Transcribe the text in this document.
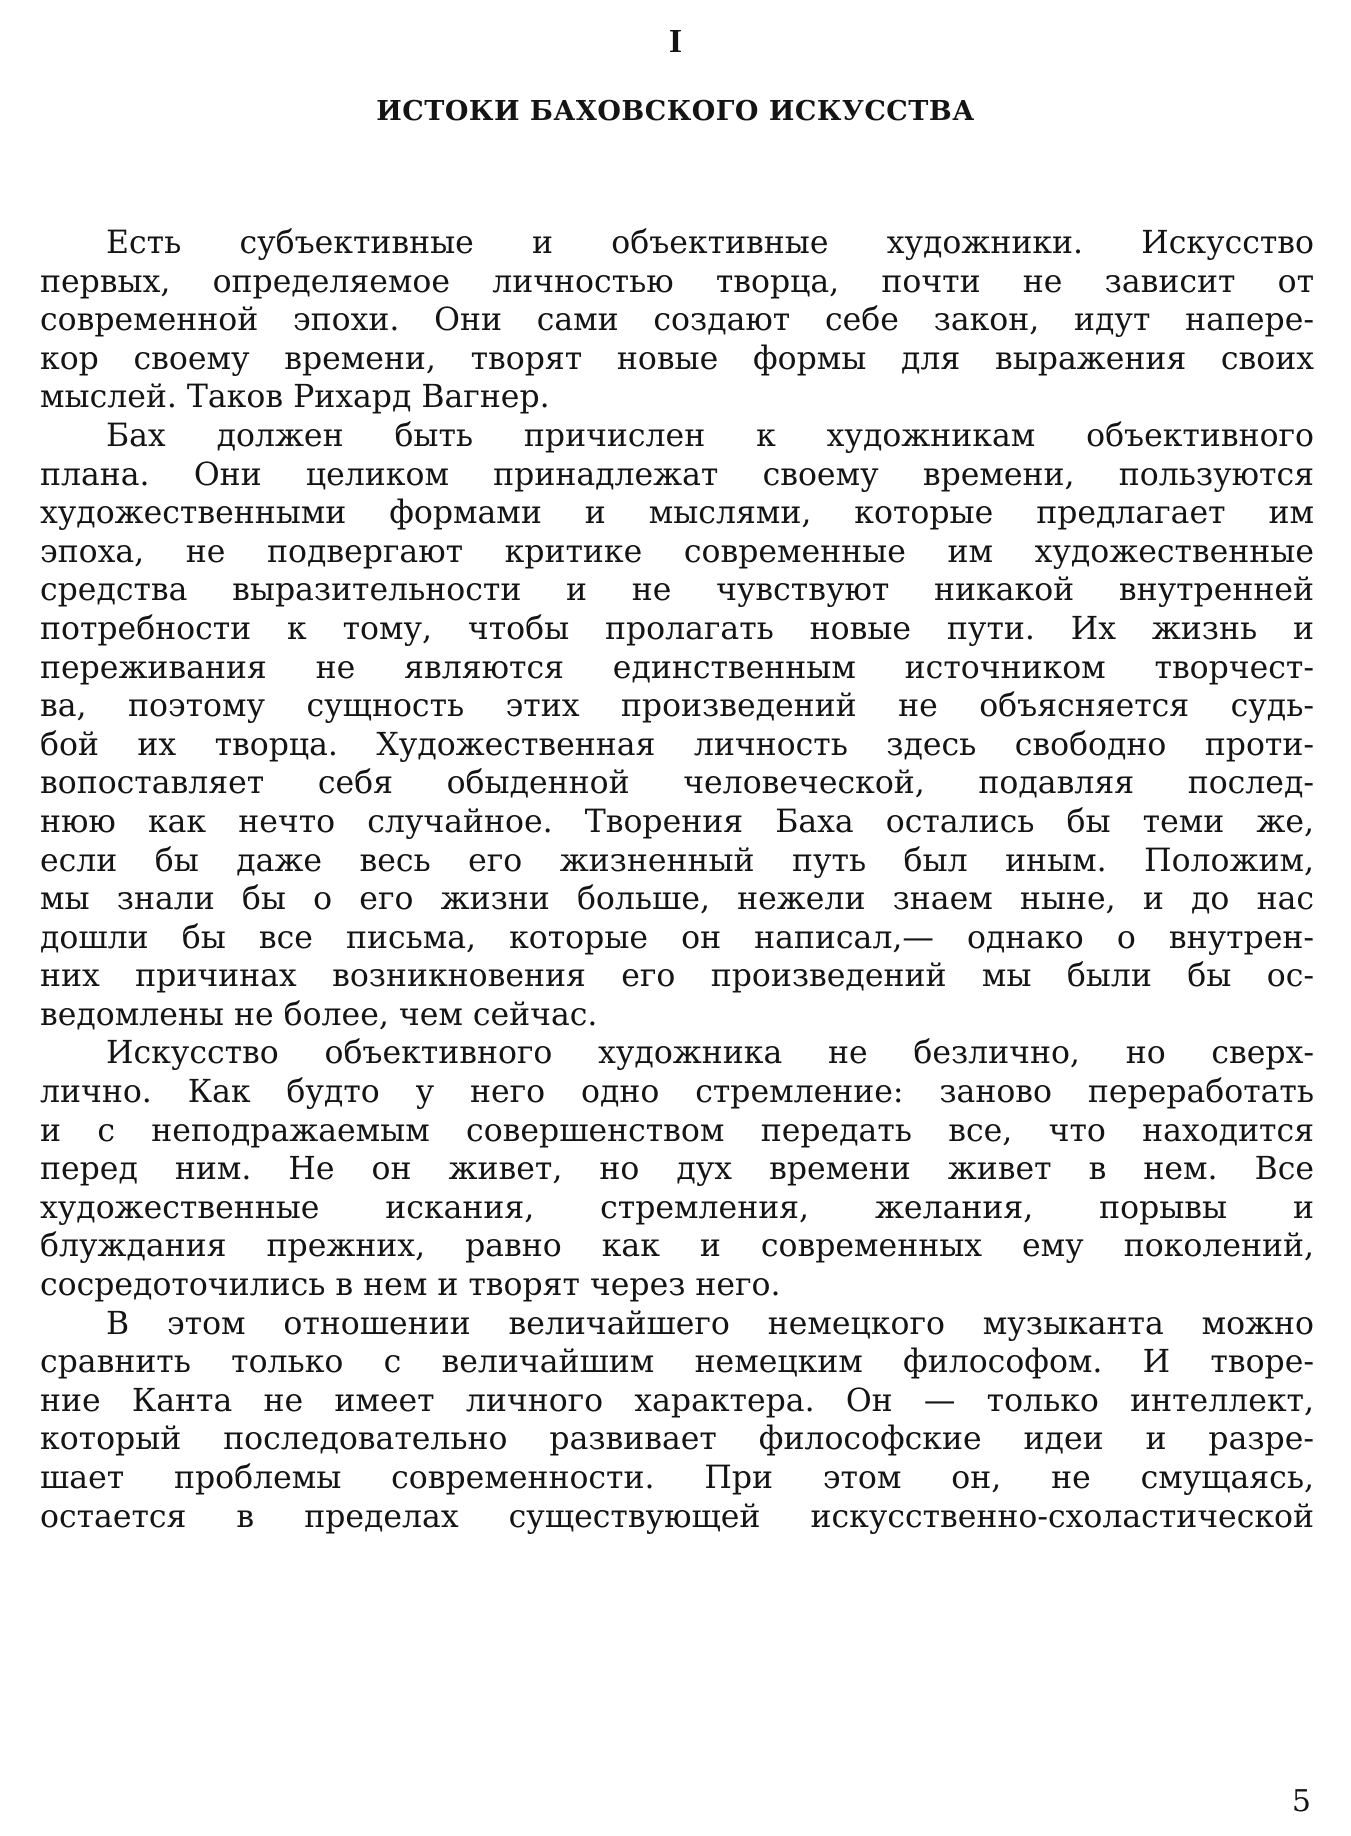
I
ИСТОКИ БАХОВСКОГО ИСКУССТВА

Есть субъективные и объективные художники. Искусство
первых, определяемое личностью творца, почти не зависит от
современной эпохи. Они сами создают себе закон, идут напере-
кор своему времени, творят новые формы для выражения своих
мыслей. Таков Рихард Вагнер.

Бах должен быть причислен к художникам объективного
плана. Они целиком принадлежат своему времени, пользуются
художественными формами и мыслями, которые предлагает им
эпоха, не подвергают критике современные им художественные
средства выразительности и не чувствуют никакой внутренней
потребности к тому, чтобы пролагать новые пути. Их жизнь и
переживания не являются единственным источником творчест-
ва, поэтому сущность этих произведений не объясняется судь-
бой их творца. Художественная личность здесь свободно проти-
вопоставляет себя обыденной человеческой, подавляя послед-
нюю как нечто случайное. Творения Баха остались бы теми же,
если бы даже весь его жизненный путь был иным. Положим,
мы знали бы о его жизни больше, нежели знаем ныне, и до нас
дошли бы все письма, которые он написал,— однако о внутрен-
них причинах возникновения его произведений мы были бы ос-
ведомлены не более, чем сейчас.

Искусство объективного художника не безлично, но сверх-
лично. Как будто у него одно стремление: заново переработать
и с неподражаемым совершенством передать все, что находится
перед ним. Не он живет, но дух времени живет в нем. Все
художественные искания, стремления, желания, порывы и
блуждания прежних, равно как и современных ему поколений,
сосредоточились в нем и творят через него.

В этом отношении величайшего немецкого музыканта можно
сравнить только с величайшим немецким философом. И творе-
ние Канта не имеет личного характера. Он — только интеллект,
который последовательно развивает философские идеи и разре-
шает проблемы современности. При этом он, не смущаясь,
остается в пределах существующей искусственно-схоластической

5
